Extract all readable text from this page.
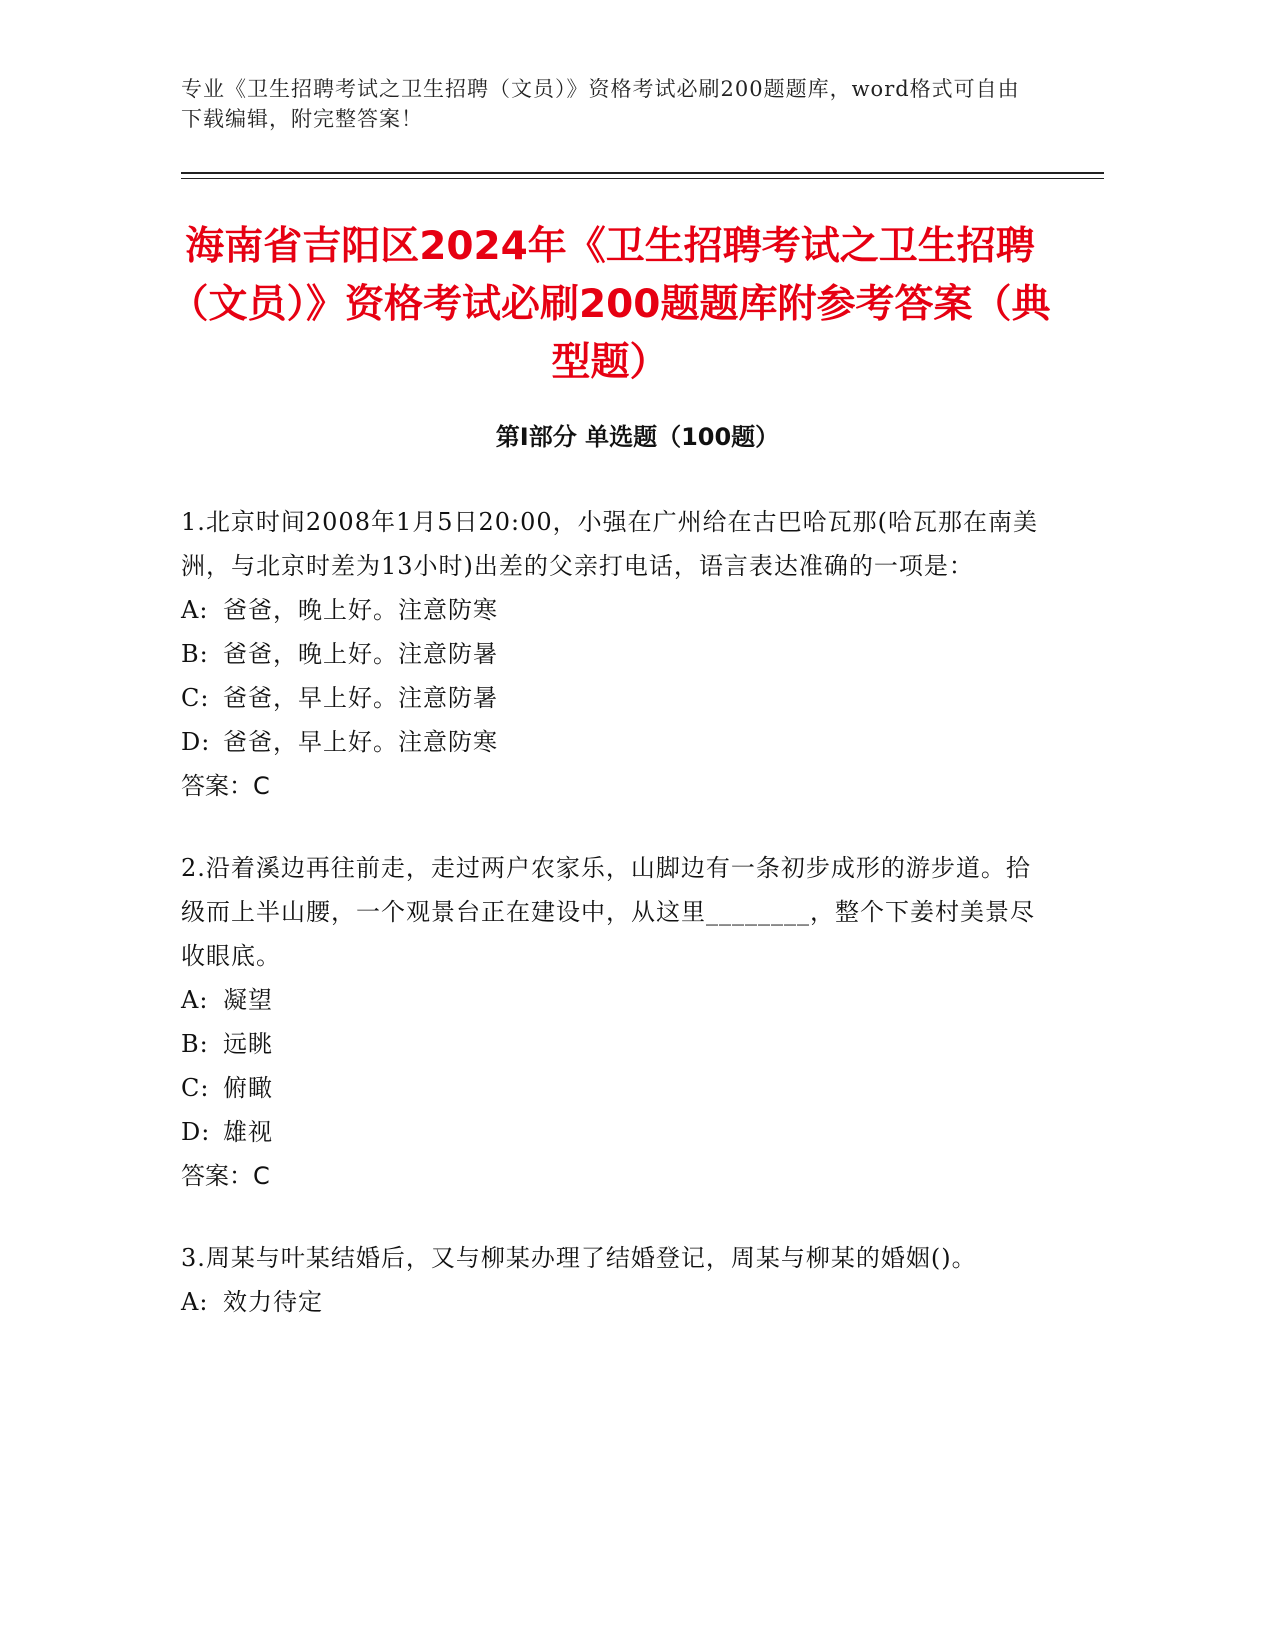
专业《卫生招聘考试之卫生招聘（文员）》资格考试必刷200题题库，word格式可自由下载编辑，附完整答案！
海南省吉阳区2024年《卫生招聘考试之卫生招聘（文员）》资格考试必刷200题题库附参考答案（典型题）
第Ⅰ部分 单选题（100题）
1.北京时间2008年1月5日20:00，小强在广州给在古巴哈瓦那(哈瓦那在南美洲，与北京时差为13小时)出差的父亲打电话，语言表达准确的一项是：
A: 爸爸，晚上好。注意防寒
B: 爸爸，晚上好。注意防暑
C: 爸爸，早上好。注意防暑
D: 爸爸，早上好。注意防寒
答案：C
2.沿着溪边再往前走，走过两户农家乐，山脚边有一条初步成形的游步道。拾级而上半山腰，一个观景台正在建设中，从这里________，整个下姜村美景尽收眼底。
A: 凝望
B: 远眺
C: 俯瞰
D: 雄视
答案：C
3.周某与叶某结婚后，又与柳某办理了结婚登记，周某与柳某的婚姻()。
A: 效力待定
